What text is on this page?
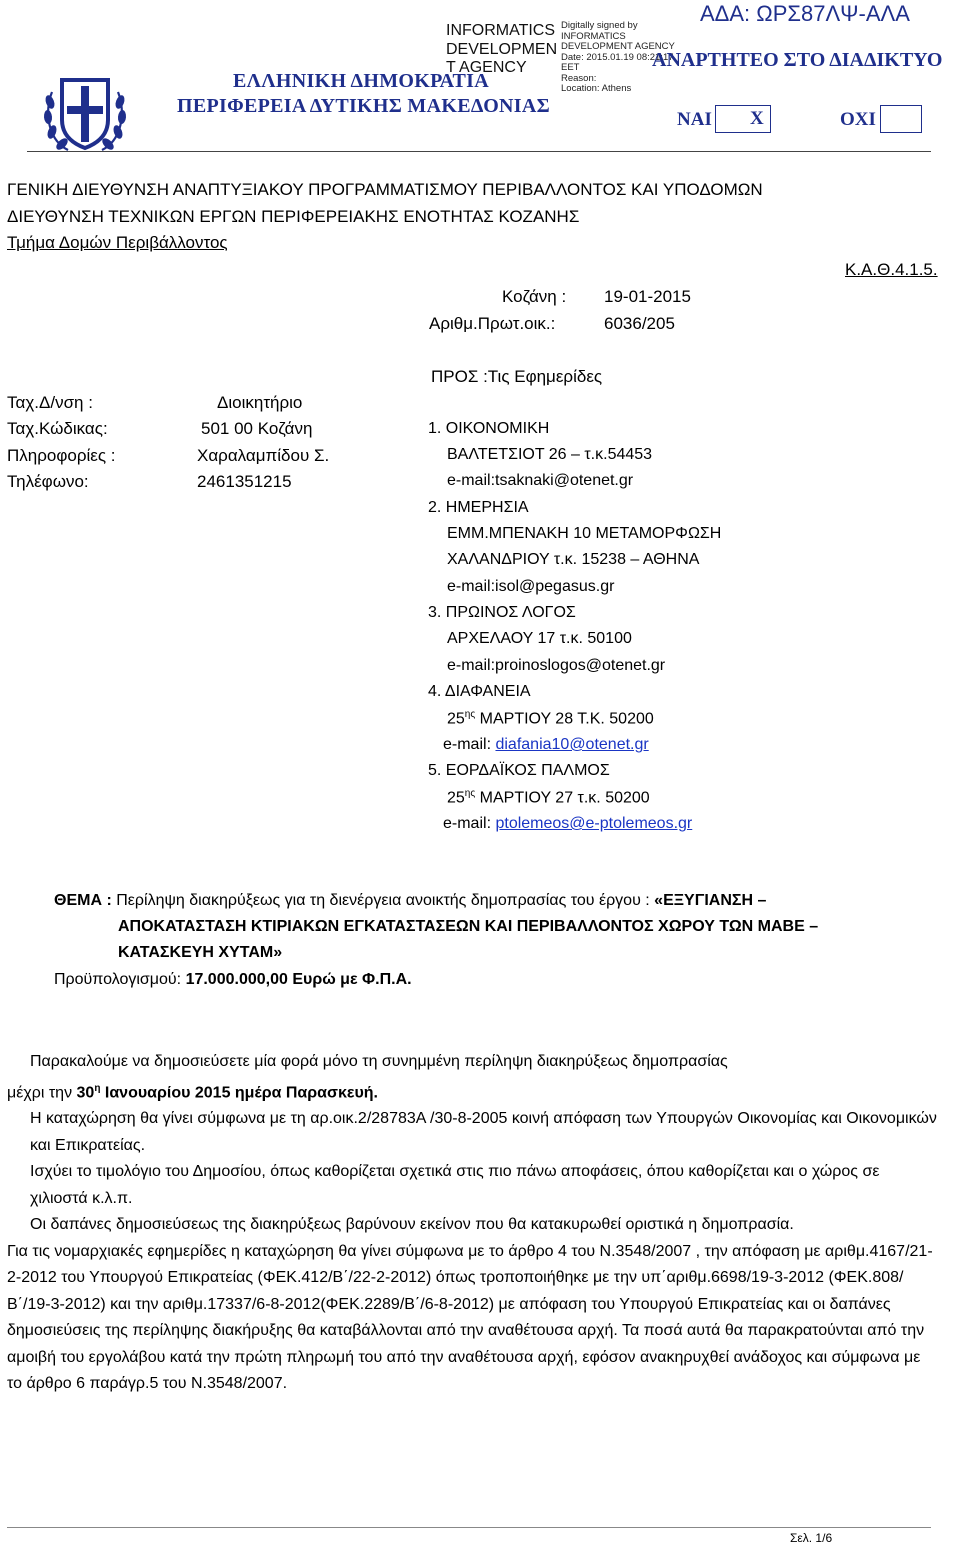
ΕΛΛΗΝΙΚΗ ΔΗΜΟΚΡΑΤΙΑ
ΠΕΡΙΦΕΡΕΙΑ ΔΥΤΙΚΗΣ ΜΑΚΕΔΟΝΙΑΣ
INFORMATICS
DEVELOPMEN
T AGENCY
Digitally signed by
INFORMATICS
DEVELOPMENT AGENCY
Date: 2015.01.19 08:21:17
EET
Reason:
Location: Athens
ΑΔΑ: ΩΡΣ87ΛΨ-ΑΛΑ
ΑΝΑΡΤΗΤΕΟ ΣΤΟ ΔΙΑΔΙΚΤΥΟ
ΝΑΙ Χ	ΟΧΙ
ΓΕΝΙΚΗ ΔΙΕΥΘΥΝΣΗ ΑΝΑΠΤΥΞΙΑΚΟΥ ΠΡΟΓΡΑΜΜΑΤΙΣΜΟΥ ΠΕΡΙΒΑΛΛΟΝΤΟΣ ΚΑΙ ΥΠΟΔΟΜΩΝ
ΔΙΕΥΘΥΝΣΗ ΤΕΧΝΙΚΩΝ ΕΡΓΩΝ ΠΕΡΙΦΕΡΕΙΑΚΗΣ ΕΝΟΤΗΤΑΣ ΚΟΖΑΝΗΣ
Τμήμα Δομών Περιβάλλοντος
Κ.Α.Θ.4.1.5.
Κοζάνη : 19-01-2015
Αριθμ.Πρωτ.οικ.:	6036/205
Ταχ.Δ/νση :	Διοικητήριο
Ταχ.Κώδικας:	501 00 Κοζάνη
Πληροφορίες :	Χαραλαμπίδου Σ.
Τηλέφωνο:	2461351215
ΠΡΟΣ :Τις Εφημερίδες
1. ΟΙΚΟΝΟΜΙΚΗ
ΒΑΛΤΕΤΣΙΟΤ 26 – τ.κ.54453
e-mail:tsaknaki@otenet.gr
2. ΗΜΕΡΗΣΙΑ
ΕΜΜ.ΜΠΕΝΑΚΗ 10 ΜΕΤΑΜΟΡΦΩΣΗ
ΧΑΛΑΝΔΡΙΟΥ τ.κ. 15238 – ΑΘΗΝΑ
e-mail:isol@pegasus.gr
3. ΠΡΩΙΝΟΣ ΛΟΓΟΣ
ΑΡΧΕΛΑΟΥ 17 τ.κ. 50100
e-mail:proinoslogos@otenet.gr
4. ΔΙΑΦΑΝΕΙΑ
$25^{\eta\varsigma}$ ΜΑΡΤΙΟΥ 28 Τ.Κ. 50200
e-mail: diafania10@otenet.gr
5. ΕΟΡΔΑΪΚΟΣ ΠΑΛΜΟΣ
$25^{\eta\varsigma}$ ΜΑΡΤΙΟΥ 27 τ.κ. 50200
e-mail: ptolemeos@e-ptolemeos.gr
ΘΕΜΑ : Περίληψη διακηρύξεως για τη διενέργεια ανοικτής δημοπρασίας του έργου : «ΕΞΥΓΙΑΝΣΗ –
ΑΠΟΚΑΤΑΣΤΑΣΗ ΚΤΙΡΙΑΚΩΝ ΕΓΚΑΤΑΣΤΑΣΕΩΝ ΚΑΙ ΠΕΡΙΒΑΛΛΟΝΤΟΣ ΧΩΡΟΥ ΤΩΝ ΜΑΒΕ –
ΚΑΤΑΣΚΕΥΗ ΧΥΤΑΜ»
Προϋπολογισμού: 17.000.000,00 Ευρώ με Φ.Π.Α.
Παρακαλούμε να δημοσιεύσετε μία φορά μόνο τη συνημμένη περίληψη διακηρύξεως δημοπρασίας
μέχρι την $30^\eta$ Ιανουαρίου 2015 ημέρα Παρασκευή.
Η καταχώρηση θα γίνει σύμφωνα με τη αρ.οικ.2/28783Α /30-8-2005 κοινή απόφαση των Υπουργών Οικονομίας και Οικονομικών και Επικρατείας.
Ισχύει το τιμολόγιο του Δημοσίου, όπως καθορίζεται σχετικά στις πιο πάνω αποφάσεις, όπου καθορίζεται και ο χώρος σε χιλιοστά κ.λ.π.
Οι δαπάνες δημοσιεύσεως της διακηρύξεως βαρύνουν εκείνον που θα κατακυρωθεί οριστικά η δημοπρασία.
Για τις νομαρχιακές εφημερίδες η καταχώρηση θα γίνει σύμφωνα με το άρθρο 4 του Ν.3548/2007 , την απόφαση με αριθμ.4167/21-2-2012 του Υπουργού Επικρατείας (ΦΕΚ.412/Β΄/22-2-2012) όπως τροποποιήθηκε με την υπ΄αριθμ.6698/19-3-2012 (ΦΕΚ.808/Β΄/19-3-2012) και την αριθμ.17337/6-8-2012(ΦΕΚ.2289/Β΄/6-8-2012) με απόφαση του Υπουργού Επικρατείας και οι δαπάνες δημοσιεύσεις της περίληψης διακήρυξης θα καταβάλλονται από την αναθέτουσα αρχή. Τα ποσά αυτά θα παρακρατούνται από την αμοιβή του εργολάβου κατά την πρώτη πληρωμή του από την αναθέτουσα αρχή, εφόσον ανακηρυχθεί ανάδοχος και σύμφωνα με το άρθρο 6 παράγρ.5 του Ν.3548/2007.
Σελ. 1/6
